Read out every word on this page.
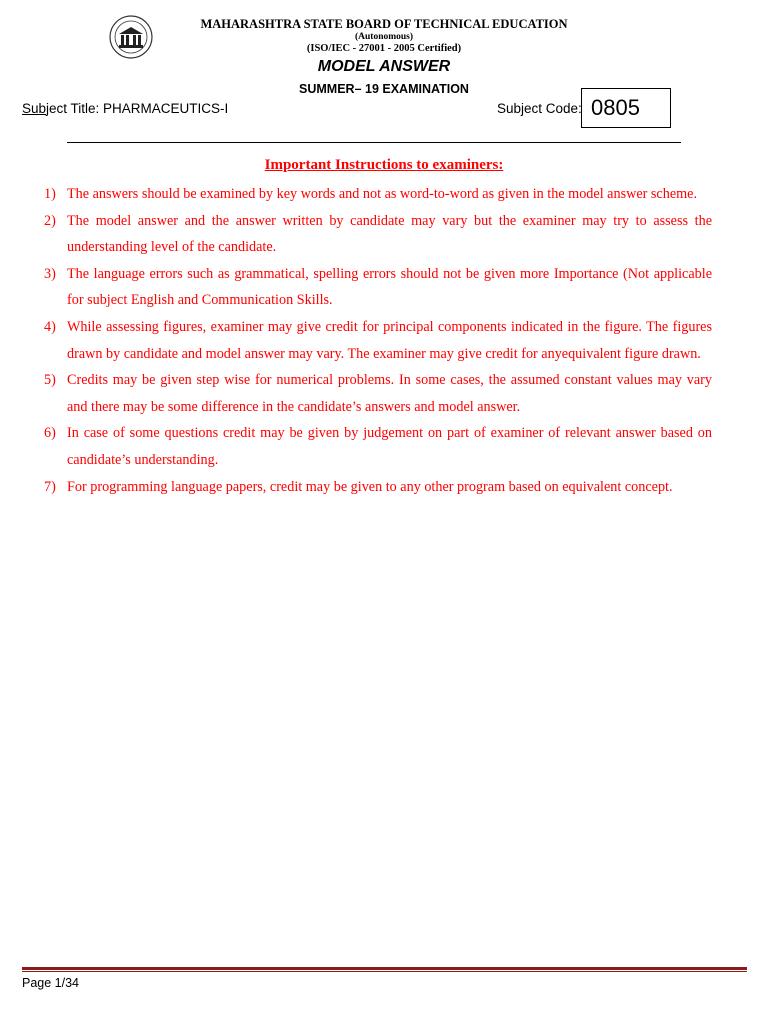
MAHARASHTRA STATE BOARD OF TECHNICAL EDUCATION
(Autonomous)
(ISO/IEC - 27001 - 2005 Certified)
MODEL ANSWER
SUMMER– 19 EXAMINATION
Subject Title: PHARMACEUTICS-I	Subject Code: 0805
Important Instructions to examiners:
1) The answers should be examined by key words and not as word-to-word as given in the model answer scheme.
2) The model answer and the answer written by candidate may vary but the examiner may try to assess the understanding level of the candidate.
3) The language errors such as grammatical, spelling errors should not be given more Importance (Not applicable for subject English and Communication Skills.
4) While assessing figures, examiner may give credit for principal components indicated in the figure. The figures drawn by candidate and model answer may vary. The examiner may give credit for anyequivalent figure drawn.
5) Credits may be given step wise for numerical problems. In some cases, the assumed constant values may vary and there may be some difference in the candidate’s answers and model answer.
6) In case of some questions credit may be given by judgement on part of examiner of relevant answer based on candidate’s understanding.
7) For programming language papers, credit may be given to any other program based on equivalent concept.
Page 1/34
